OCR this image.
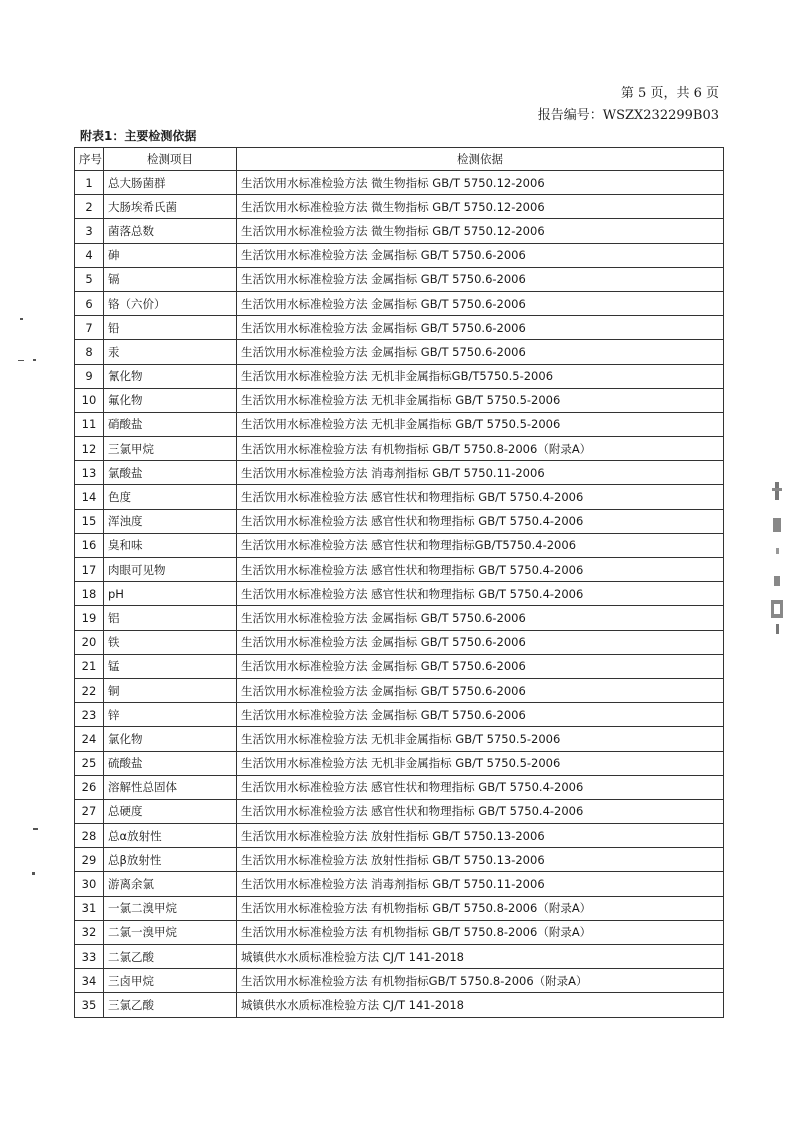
第 5 页，共 6 页
报告编号：WSZX232299B03
附表1：主要检测依据
序号	检测项目	检测依据
1	总大肠菌群	生活饮用水标准检验方法 微生物指标 GB/T 5750.12-2006
2	大肠埃希氏菌	生活饮用水标准检验方法 微生物指标 GB/T 5750.12-2006
3	菌落总数	生活饮用水标准检验方法 微生物指标 GB/T 5750.12-2006
4	砷	生活饮用水标准检验方法 金属指标 GB/T 5750.6-2006
5	镉	生活饮用水标准检验方法 金属指标 GB/T 5750.6-2006
6	铬（六价）	生活饮用水标准检验方法 金属指标 GB/T 5750.6-2006
7	铅	生活饮用水标准检验方法 金属指标 GB/T 5750.6-2006
8	汞	生活饮用水标准检验方法 金属指标 GB/T 5750.6-2006
9	氰化物	生活饮用水标准检验方法 无机非金属指标GB/T5750.5-2006
10	氟化物	生活饮用水标准检验方法 无机非金属指标 GB/T 5750.5-2006
11	硝酸盐	生活饮用水标准检验方法 无机非金属指标 GB/T 5750.5-2006
12	三氯甲烷	生活饮用水标准检验方法 有机物指标 GB/T 5750.8-2006（附录A）
13	氯酸盐	生活饮用水标准检验方法 消毒剂指标 GB/T 5750.11-2006
14	色度	生活饮用水标准检验方法 感官性状和物理指标 GB/T 5750.4-2006
15	浑浊度	生活饮用水标准检验方法 感官性状和物理指标 GB/T 5750.4-2006
16	臭和味	生活饮用水标准检验方法 感官性状和物理指标GB/T5750.4-2006
17	肉眼可见物	生活饮用水标准检验方法 感官性状和物理指标 GB/T 5750.4-2006
18	pH	生活饮用水标准检验方法 感官性状和物理指标 GB/T 5750.4-2006
19	铝	生活饮用水标准检验方法 金属指标 GB/T 5750.6-2006
20	铁	生活饮用水标准检验方法 金属指标 GB/T 5750.6-2006
21	锰	生活饮用水标准检验方法 金属指标 GB/T 5750.6-2006
22	铜	生活饮用水标准检验方法 金属指标 GB/T 5750.6-2006
23	锌	生活饮用水标准检验方法 金属指标 GB/T 5750.6-2006
24	氯化物	生活饮用水标准检验方法 无机非金属指标 GB/T 5750.5-2006
25	硫酸盐	生活饮用水标准检验方法 无机非金属指标 GB/T 5750.5-2006
26	溶解性总固体	生活饮用水标准检验方法 感官性状和物理指标 GB/T 5750.4-2006
27	总硬度	生活饮用水标准检验方法 感官性状和物理指标 GB/T 5750.4-2006
28	总α放射性	生活饮用水标准检验方法 放射性指标 GB/T 5750.13-2006
29	总β放射性	生活饮用水标准检验方法 放射性指标 GB/T 5750.13-2006
30	游离余氯	生活饮用水标准检验方法 消毒剂指标 GB/T 5750.11-2006
31	一氯二溴甲烷	生活饮用水标准检验方法 有机物指标 GB/T 5750.8-2006（附录A）
32	二氯一溴甲烷	生活饮用水标准检验方法 有机物指标 GB/T 5750.8-2006（附录A）
33	二氯乙酸	城镇供水水质标准检验方法 CJ/T 141-2018
34	三卤甲烷	生活饮用水标准检验方法 有机物指标GB/T 5750.8-2006（附录A）
35	三氯乙酸	城镇供水水质标准检验方法 CJ/T 141-2018
